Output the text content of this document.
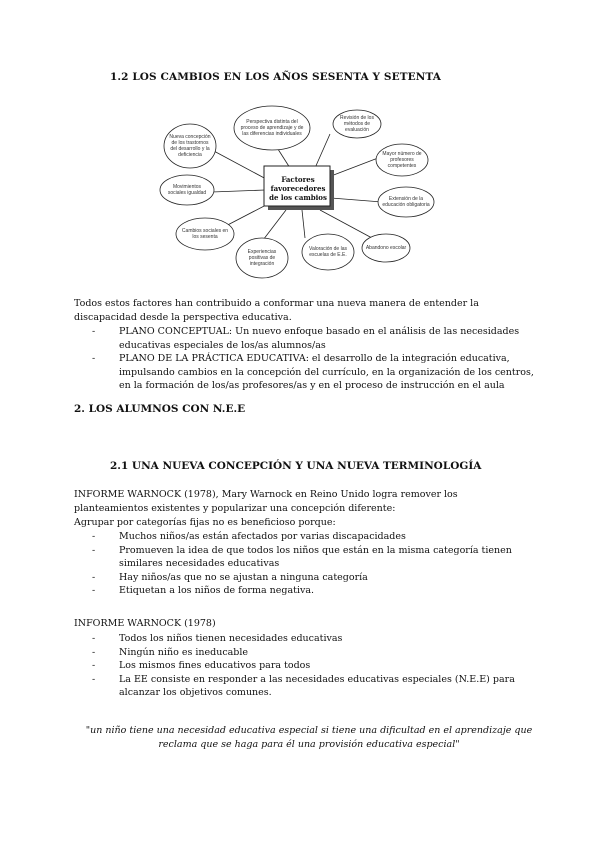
1.2 LOS CAMBIOS EN LOS AÑOS SESENTA Y SETENTA
Factores favorecedores de los cambios
Nueva concepción de los trastornos del desarrollo y la deficiencia
Perspectiva distinta del proceso de aprendizaje y de las diferencias individuales
Revisión de los métodos de evaluación
Mayor número de profesores competentes
Extensión de la educación obligatoria
Abandono escolar
Valoración de las escuelas de E.E.
Experiencias positivas de integración
Cambios sociales en los sesenta
Movimientos sociales igualdad
Todos estos factores han contribuido a conformar una nueva manera de entender la discapacidad desde la perspectiva educativa.
-	PLANO CONCEPTUAL: Un nuevo enfoque basado en el análisis de las necesidades educativas especiales de los/as alumnos/as
-	PLANO DE LA PRÁCTICA EDUCATIVA: el desarrollo de la integración educativa, impulsando cambios en la concepción del currículo, en la organización de los centros, en la formación de los/as profesores/as y en el proceso de instrucción en el aula
2. LOS ALUMNOS CON N.E.E
2.1 UNA NUEVA CONCEPCIÓN Y UNA NUEVA TERMINOLOGÍA
INFORME WARNOCK (1978), Mary Warnock en Reino Unido logra remover los planteamientos existentes y popularizar una concepción diferente:
Agrupar por categorías fijas no es beneficioso porque:
-	Muchos niños/as están afectados por varias discapacidades
-	Promueven la idea de que todos los niños que están en la misma categoría tienen similares necesidades educativas
-	Hay niños/as que no se ajustan a ninguna categoría
-	Etiquetan a los niños de forma negativa.
INFORME WARNOCK (1978)
-	Todos los niños tienen necesidades educativas
-	Ningún niño es ineducable
-	Los mismos fines educativos para todos
-	La EE consiste en responder a las necesidades educativas especiales (N.E.E) para alcanzar los objetivos comunes.
"un niño tiene una necesidad educativa especial si tiene una dificultad en el aprendizaje que reclama que se haga para él una provisión educativa especial"
